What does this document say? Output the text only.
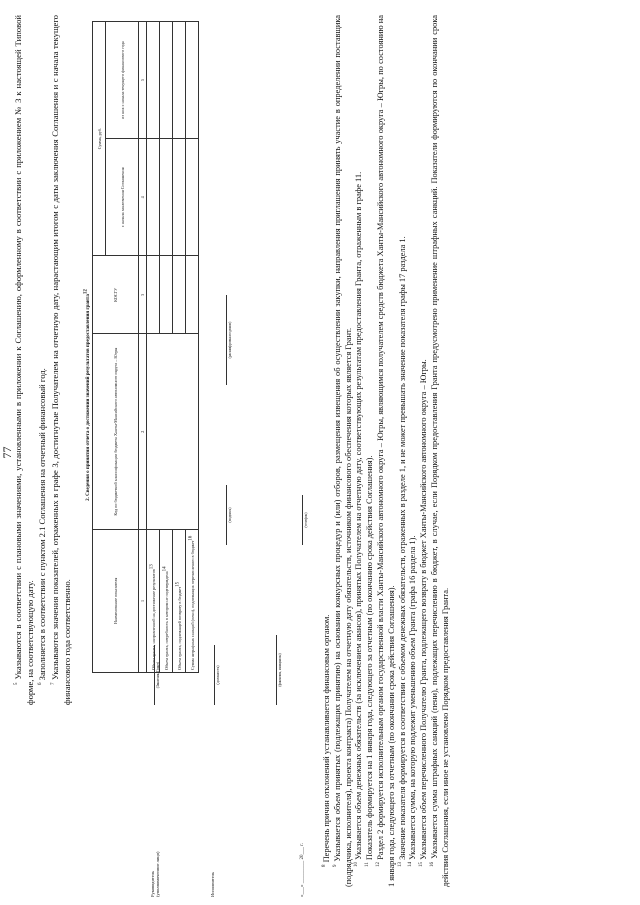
77

$^5$ Указываются в соответствии с плановыми значениями, установленными в приложении к Соглашению, оформленному в соответствии с приложением № 3 к настоящей Типовой форме, на соответствующую дату. $^6$ Заполняется в соответствии с пунктом 2.1 Соглашения на отчетный финансовый год.

$^7$ Указываются значения показателей, отраженных в графе 3, достигнутые Получателем на отчетную дату, нарастающим итогом с даты заключения Соглашения и с начала текущего финансового года соответственно.

2. Сведения о принятии отчета о достижении значений результатов предоставления гранта$^{12}$
Наименование показателя	Код по бюджетной классификации бюджета Ханты-Мансийского автономного округа – Югры	КОСГУ	Сумма, руб.	
			с начала заключения Соглашения	из них с начала текущего финансового года
1	2	3	4	5
Объем гранта, направленной на достижение результатов$^{13}$				
Объем гранта, потребность в котором не подтверждена$^{14}$			
Объем гранта, подлежащей возврату в бюджет$^{15}$			
Сумма штрафных санкций (пени), подлежащих перечислению в бюджет$^{16}$			
Руководитель (уполномоченное лицо)
(Заказчик, Грант)
(подпись)
(расшифровка подписи)
Исполнитель
(должность)	(фамилия, инициалы)
(телефон)
«___» _________ 20___ г.	$^8$ Перечень причин отклонений устанавливается финансовым органом.

$^9$ Указывается объем принятых (подлежащих принятию) на основании конкурсных процедур и (или) отборов, размещения извещения об осуществлении закупки, направления приглашения принять участие в определении поставщика (подрядчика, исполнителя), проекта контракта) Получателем на отчетную дату обязательств, источником финансового обеспечения которых является Грант. $^{10}$ Указывается объем денежных обязательств (за исключением авансов), принятых Получателем на отчетную дату, соответствующих результатам предоставления Гранта, отраженным в графе 11.

$^{11}$ Показатель формируется на 1 января года, следующего за отчетным (по окончанию срока действия Соглашения).

$^{12}$ Раздел 2 формируется исполнительным органом государственной власти Ханты-Мансийского автономного округа – Югры, являющимся получателем средств бюджета Ханты-Мансийского автономного округа – Югры, по состоянию на 1 января года, следующего за отчетным (по окончании срока действия Соглашения). $^{13}$ Значение показателя формируется в соответствии с объемом денежных обязательств, отраженных в разделе 1, и не может превышать значение показателя графы 17 раздела 1.

$^{14}$ Указывается сумма, на которую подлежит уменьшению объем Гранта (графа 16 раздела 1).

$^{15}$ Указывается объем перечисленного Получателю Гранта, подлежащего возврату в бюджет Ханты-Мансийского автономного округа – Югры.

$^{16}$ Указывается сумма штрафных санкций (пени), подлежащих перечислению в бюджет, в случае, если Порядком предоставления Гранта предусмотрено применение штрафных санкций. Показатели формируются по окончании срока действия Соглашения, если иное не установлено Порядком предоставления Гранта.
